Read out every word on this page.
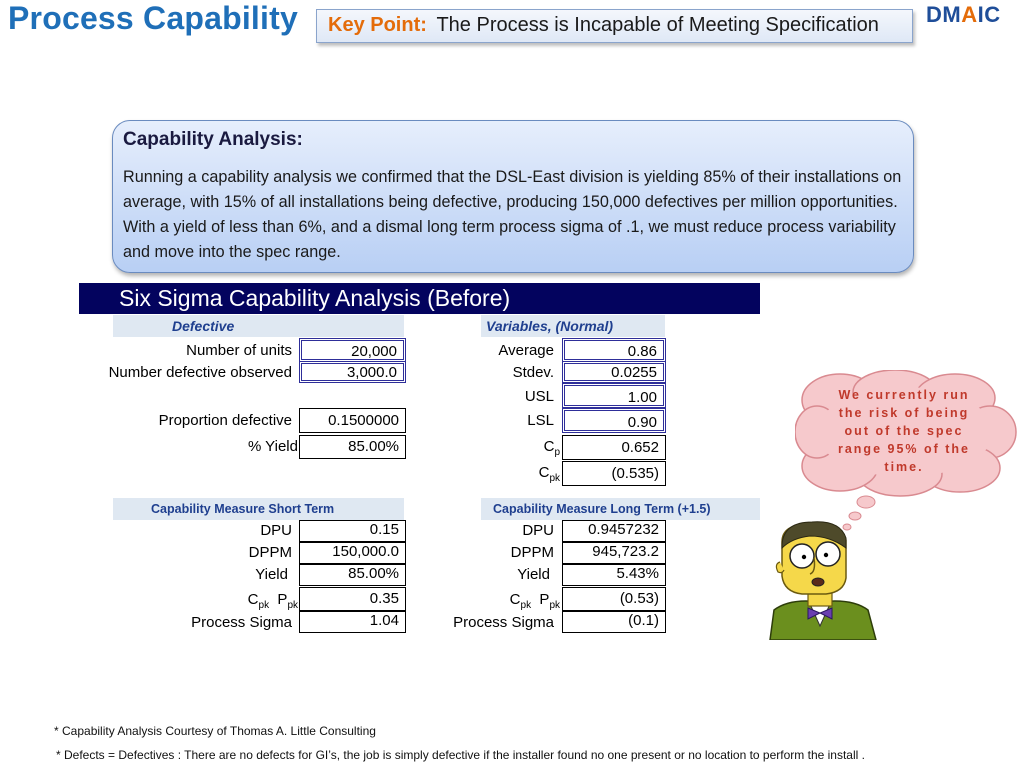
Process Capability	Key Point: The Process is Incapable of Meeting Specification	DMAIC
Capability Analysis:
Running a capability analysis we confirmed that the DSL-East division is yielding 85% of their installations on average, with 15% of all installations being defective, producing 150,000 defectives per million opportunities. With a yield of less than 6%, and a dismal long term process sigma of .1, we must reduce process variability and move into the spec range.
Six Sigma Capability Analysis (Before)
Defective	Variables, (Normal)
Number of units	20,000
Number defective observed	3,000.0
Proportion defective	0.1500000
% Yield	85.00%
Average	0.86
Stdev.	0.0255
USL	1.00
LSL	0.90
$C_p$	0.652
$C_{pk}$	(0.535)
Capability Measure Short Term	Capability Measure Long Term (+1.5)
DPU	0.15
DPPM	150,000.0
Yield	85.00%
$C_{pk}$ $P_{pk}$	0.35
Process Sigma	1.04
DPU	0.9457232
DPPM	945,723.2
Yield	5.43%
$C_{pk}$ $P_{pk}$	(0.53)
Process Sigma	(0.1)
We currently run the risk of being out of the spec range 95% of the time.
* Capability Analysis Courtesy of Thomas A. Little Consulting
* Defects = Defectives : There are no defects for GI’s, the job is simply defective if the installer found no one present or no location to perform the install .
